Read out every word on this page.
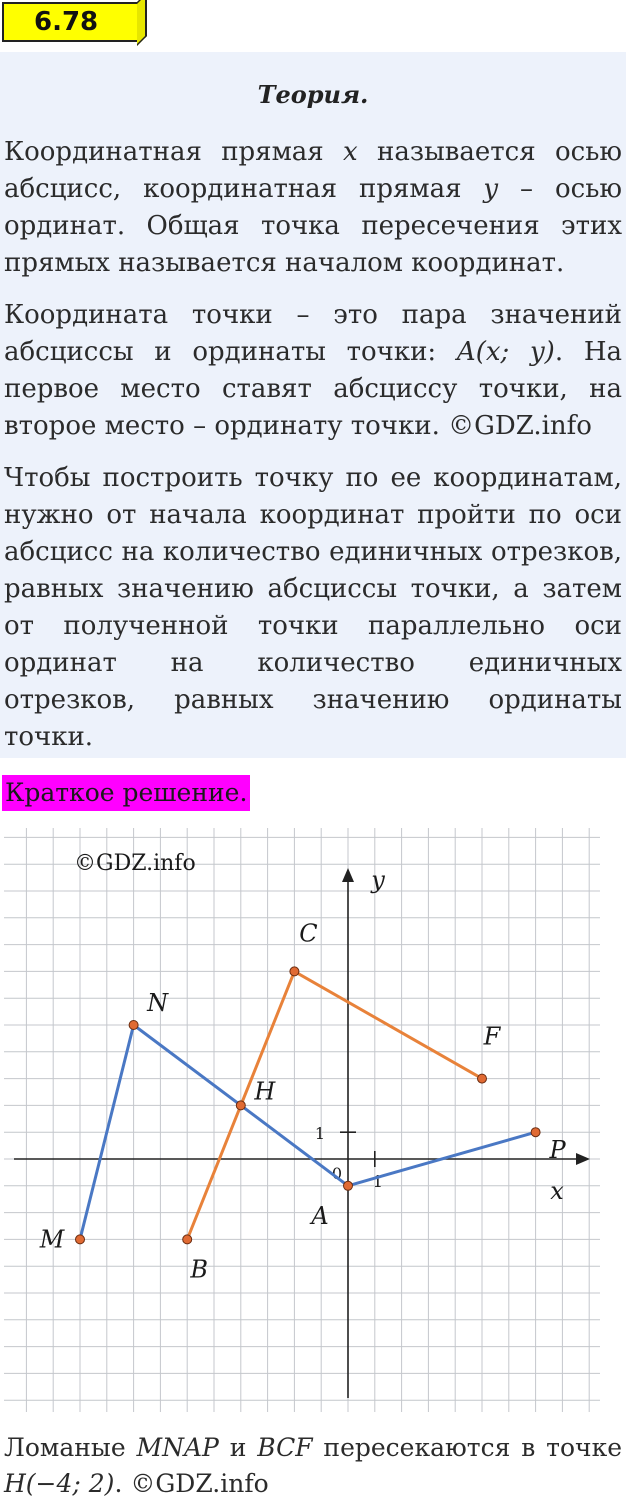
6.78
Теория.
Координатная прямая x называется осью абсцисс, координатная прямая y – осью ординат. Общая точка пересечения этих прямых называется началом координат.
Координата точки – это пара значений абсциссы и ординаты точки: A(x; y). На первое место ставят абсциссу точки, на второе место – ординату точки. ©GDZ.info
Чтобы построить точку по ее координатам, нужно от начала координат пройти по оси абсцисс на количество единичных отрезков, равных значению абсциссы точки, а затем от полученной точки параллельно оси ординат на количество единичных отрезков, равных значению ординаты точки.
Краткое решение.
1
1
0
x
y
©GDZ.info
M
N
A
P
B
C
F
H
Ломаные MNAP и BCF пересекаются в точке H(−4; 2). ©GDZ.info
